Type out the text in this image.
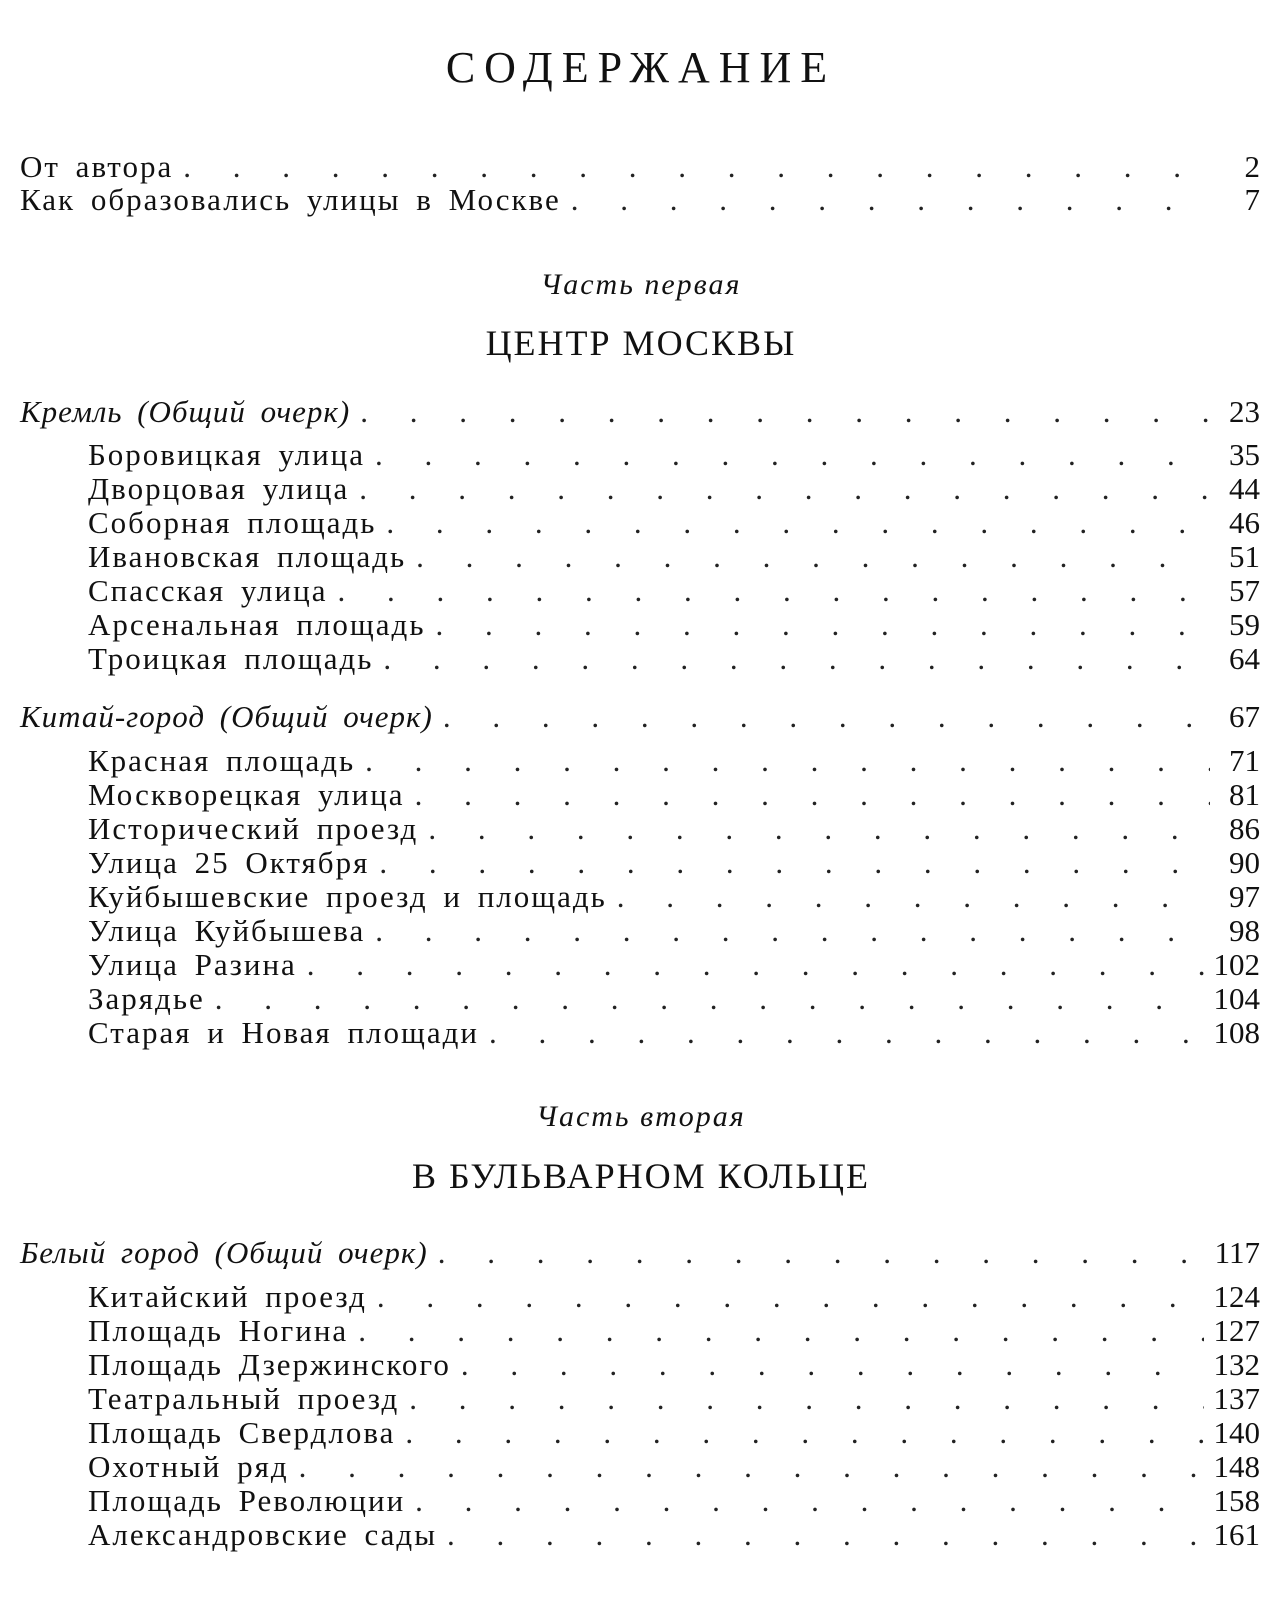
СОДЕРЖАНИЕ
От автора . . .	2
Как образовались улицы в Москве . . .	7
Часть первая
ЦЕНТР МОСКВЫ
Кремль (Общий очерк) . . .	23
Боровицкая улица . . .	35
Дворцовая улица . . .	44
Соборная площадь . . .	46
Ивановская площадь . . .	51
Спасская улица . . .	57
Арсенальная площадь . . .	59
Троицкая площадь . . .	64
Китай-город (Общий очерк) . . .	67
Красная площадь . . .	71
Москворецкая улица . . .	81
Исторический проезд . . .	86
Улица 25 Октября . . .	90
Куйбышевские проезд и площадь . . .	97
Улица Куйбышева . . .	98
Улица Разина . . .	102
Зарядье . . .	104
Старая и Новая площади . . .	108
Часть вторая
В БУЛЬВАРНОМ КОЛЬЦЕ
Белый город (Общий очерк) . . .	117
Китайский проезд . . .	124
Площадь Ногина . . .	127
Площадь Дзержинского . . .	132
Театральный проезд . . .	137
Площадь Свердлова . . .	140
Охотный ряд . . .	148
Площадь Революции . . .	158
Александровские сады . . .	161
